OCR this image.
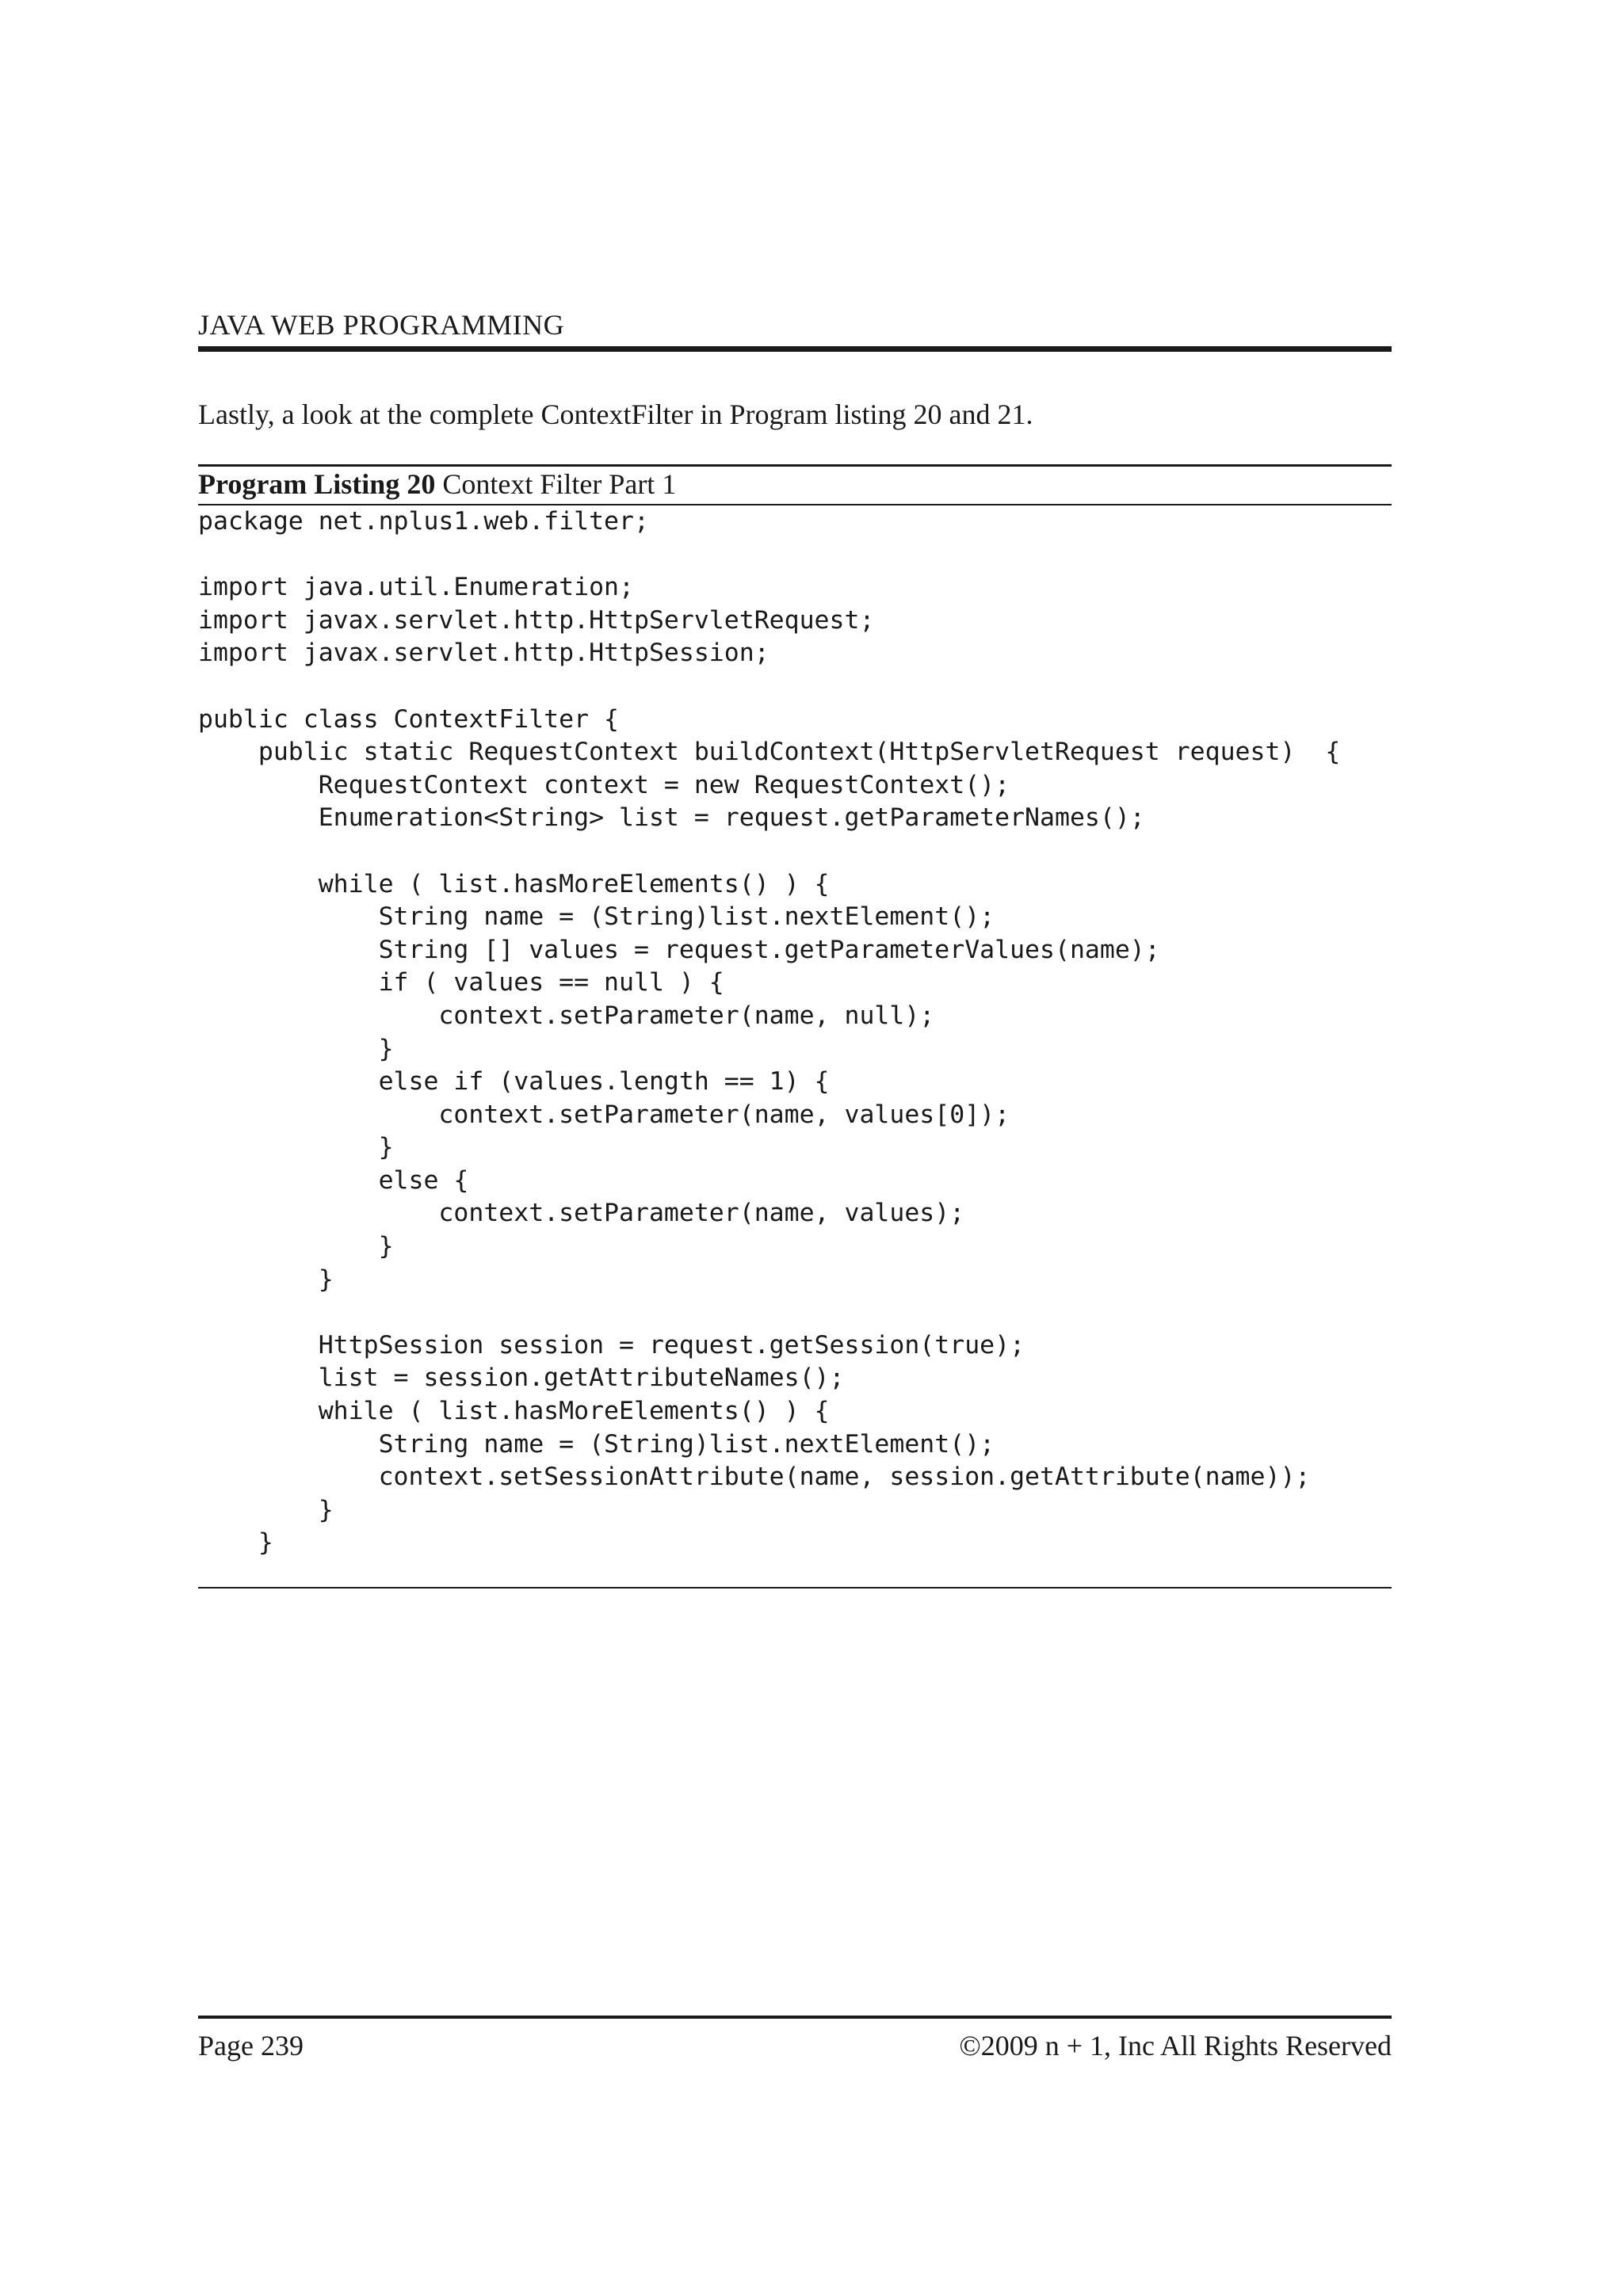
JAVA WEB PROGRAMMING
Lastly, a look at the complete ContextFilter in Program listing 20 and 21.
Program Listing 20 Context Filter Part 1
package net.nplus1.web.filter;
import java.util.Enumeration;
import javax.servlet.http.HttpServletRequest;
import javax.servlet.http.HttpSession;
public class ContextFilter {
public static RequestContext buildContext(HttpServletRequest request)  {
RequestContext context = new RequestContext();
Enumeration<String> list = request.getParameterNames();
while ( list.hasMoreElements() ) {
String name = (String)list.nextElement();
String [] values = request.getParameterValues(name);
if ( values == null ) {
context.setParameter(name, null);
}
else if (values.length == 1) {
context.setParameter(name, values[0]);
}
else {
context.setParameter(name, values);
}
}
HttpSession session = request.getSession(true);
list = session.getAttributeNames();
while ( list.hasMoreElements() ) {
String name = (String)list.nextElement();
context.setSessionAttribute(name, session.getAttribute(name));
}
}
Page 239	©2009 n + 1, Inc All Rights Reserved
